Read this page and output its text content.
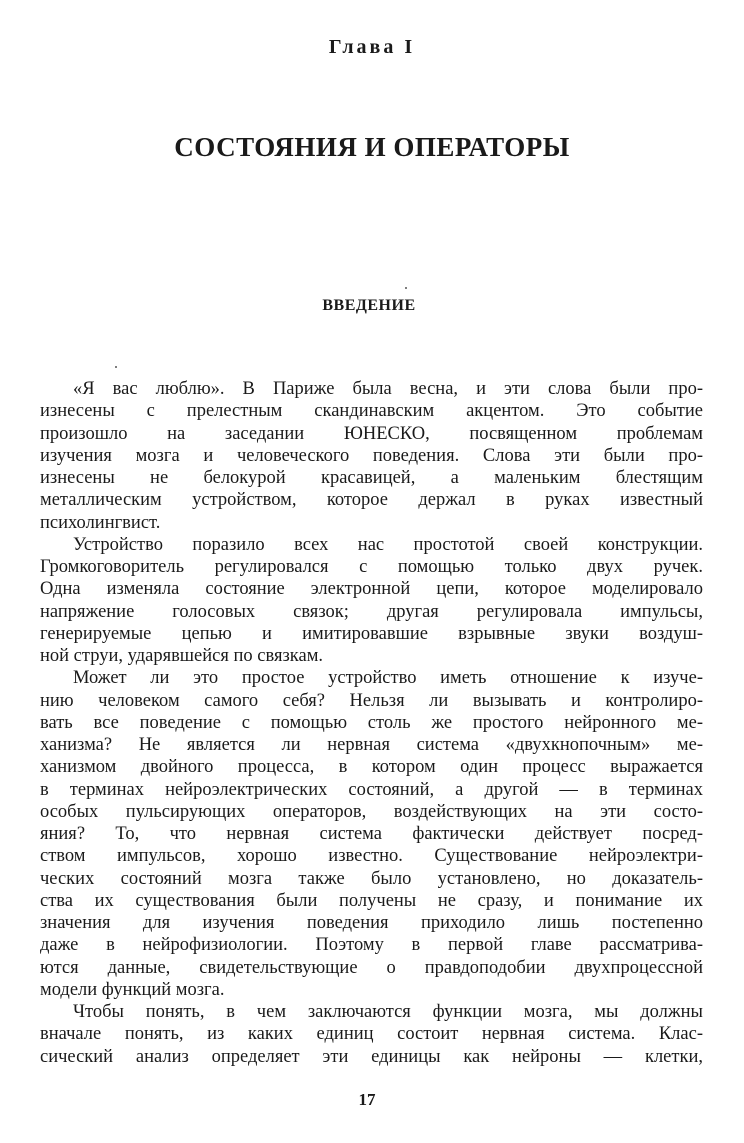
Глава I
СОСТОЯНИЯ И ОПЕРАТОРЫ
ВВЕДЕНИЕ
«Я вас люблю». В Париже была весна, и эти слова были про-
изнесены с прелестным скандинавским акцентом. Это событие
произошло на заседании ЮНЕСКО, посвященном проблемам
изучения мозга и человеческого поведения. Слова эти были про-
изнесены не белокурой красавицей, а маленьким блестящим
металлическим устройством, которое держал в руках известный
психолингвист.
Устройство поразило всех нас простотой своей конструкции.
Громкоговоритель регулировался с помощью только двух ручек.
Одна изменяла состояние электронной цепи, которое моделировало
напряжение голосовых связок; другая регулировала импульсы,
генерируемые цепью и имитировавшие взрывные звуки воздуш-
ной струи, ударявшейся по связкам.
Может ли это простое устройство иметь отношение к изуче-
нию человеком самого себя? Нельзя ли вызывать и контролиро-
вать все поведение с помощью столь же простого нейронного ме-
ханизма? Не является ли нервная система «двухкнопочным» ме-
ханизмом двойного процесса, в котором один процесс выражается
в терминах нейроэлектрических состояний, а другой — в терминах
особых пульсирующих операторов, воздействующих на эти состо-
яния? То, что нервная система фактически действует посред-
ством импульсов, хорошо известно. Существование нейроэлектри-
ческих состояний мозга также было установлено, но доказатель-
ства их существования были получены не сразу, и понимание их
значения для изучения поведения приходило лишь постепенно
даже в нейрофизиологии. Поэтому в первой главе рассматрива-
ются данные, свидетельствующие о правдоподобии двухпроцессной
модели функций мозга.
Чтобы понять, в чем заключаются функции мозга, мы должны
вначале понять, из каких единиц состоит нервная система. Клас-
сический анализ определяет эти единицы как нейроны — клетки,
17
